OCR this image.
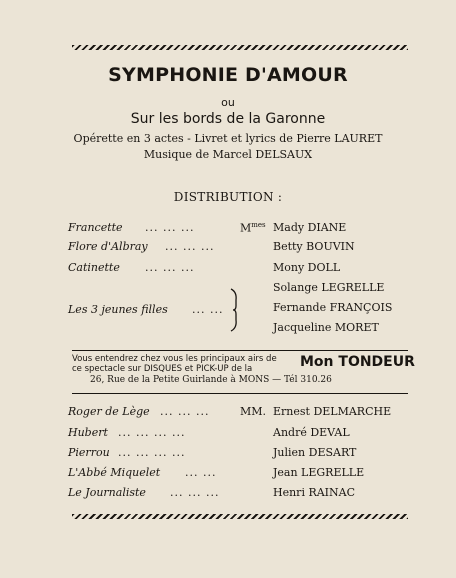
SYMPHONIE D'AMOUR
ou
Sur les bords de la Garonne
Opérette en 3 actes - Livret et lyrics de Pierre LAURET
Musique de Marcel DELSAUX
DISTRIBUTION :
Francette ... ... ...	$M^{mes}$ Mady DIANE
Flore d'Albray ... ... ...	Betty BOUVIN
Catinette ... ... ...	Mony DOLL
Solange LEGRELLE
Les 3 jeunes filles ... ...	Fernande FRANÇOIS
Jacqueline MORET
Vous entendrez chez vous les principaux airs de
ce spectacle sur DISQUES et PICK-UP de la
26, Rue de la Petite Guirlande à MONS — Tél 310.26
Mon TONDEUR
Roger de Lège ... ... ...	MM. Ernest DELMARCHE
Hubert ... ... ... ...	André DEVAL
Pierrou ... ... ... ...	Julien DESART
L'Abbé Miquelet ... ...	Jean LEGRELLE
Le Journaliste ... ... ...	Henri RAINAC
